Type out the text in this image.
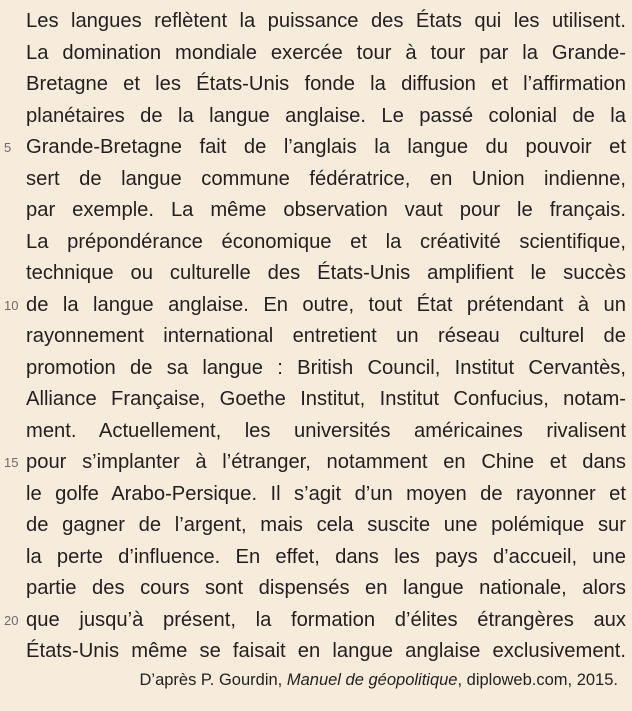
Les langues reflètent la puissance des États qui les utilisent.
La domination mondiale exercée tour à tour par la Grande-
Bretagne et les États-Unis fonde la diffusion et l’affirmation
planétaires de la langue anglaise. Le passé colonial de la
5 Grande-Bretagne fait de l’anglais la langue du pouvoir et
sert de langue commune fédératrice, en Union indienne,
par exemple. La même observation vaut pour le français.
La prépondérance économique et la créativité scientifique,
technique ou culturelle des États-Unis amplifient le succès
10 de la langue anglaise. En outre, tout État prétendant à un
rayonnement international entretient un réseau culturel de
promotion de sa langue : British Council, Institut Cervantès,
Alliance Française, Goethe Institut, Institut Confucius, notam-
ment. Actuellement, les universités américaines rivalisent
15 pour s’implanter à l’étranger, notamment en Chine et dans
le golfe Arabo-Persique. Il s’agit d’un moyen de rayonner et
de gagner de l’argent, mais cela suscite une polémique sur
la perte d’influence. En effet, dans les pays d’accueil, une
partie des cours sont dispensés en langue nationale, alors
20 que jusqu’à présent, la formation d’élites étrangères aux
États-Unis même se faisait en langue anglaise exclusivement.
D’après P. Gourdin, Manuel de géopolitique, diploweb.com, 2015.
